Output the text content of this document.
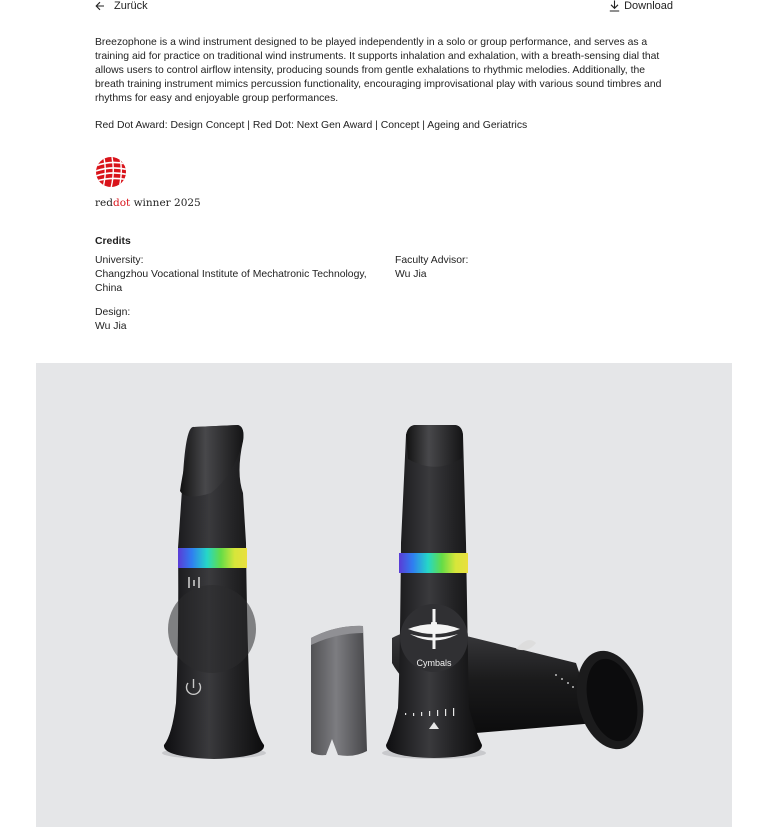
Zurück	Download

Breezophone is a wind instrument designed to be played independently in a solo or group performance, and serves as a training aid for practice on traditional wind instruments. It supports inhalation and exhalation, with a breath-sensing dial that allows users to control airflow intensity, producing sounds from gentle exhalations to rhythmic melodies. Additionally, the breath training instrument mimics percussion functionality, encouraging improvisational play with various sound timbres and rhythms for easy and enjoyable group performances.

Red Dot Award: Design Concept | Red Dot: Next Gen Award | Concept | Ageing and Geriatrics

reddot winner 2025
Credits
University:
Changzhou Vocational Institute of Mechatronic Technology, China
Faculty Advisor:
Wu Jia
Design:
Wu Jia
Cymbals
